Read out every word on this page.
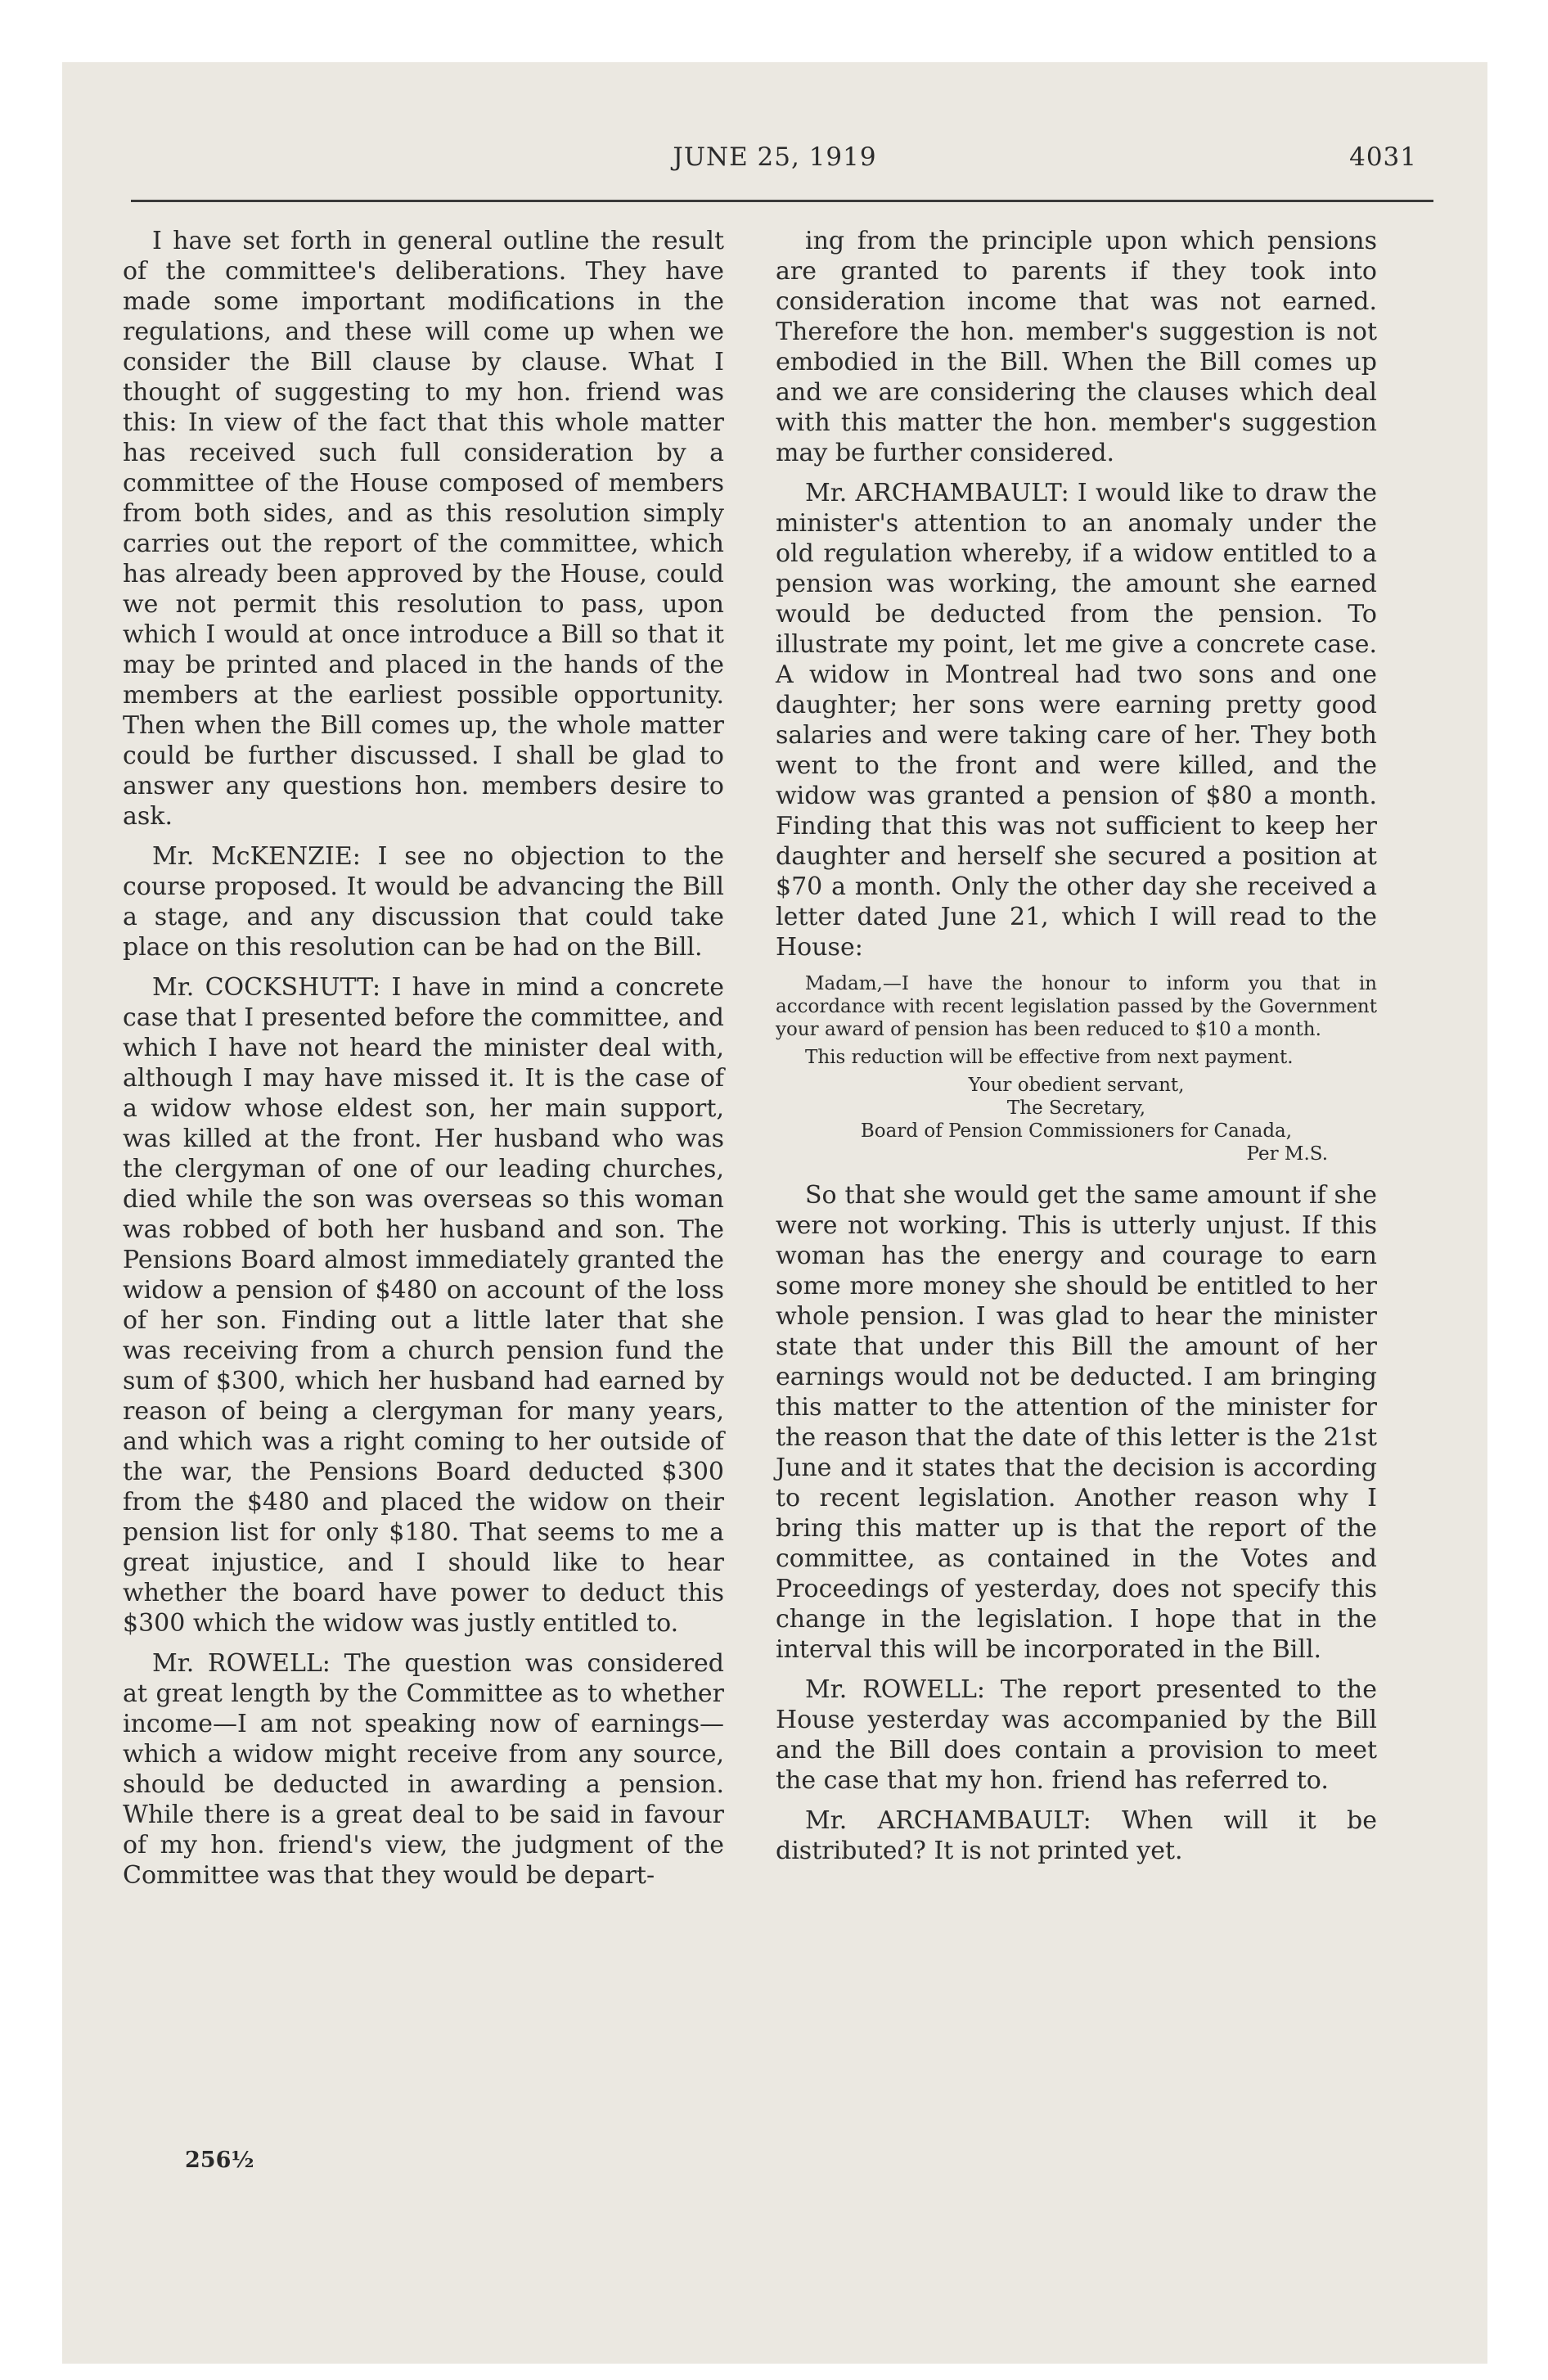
JUNE 25, 1919	4031

I have set forth in general outline the result of the committee's deliberations. They have made some important modifications in the regulations, and these will come up when we consider the Bill clause by clause. What I thought of suggesting to my hon. friend was this: In view of the fact that this whole matter has received such full consideration by a committee of the House composed of members from both sides, and as this resolution simply carries out the report of the committee, which has already been approved by the House, could we not permit this resolution to pass, upon which I would at once introduce a Bill so that it may be printed and placed in the hands of the members at the earliest possible opportunity. Then when the Bill comes up, the whole matter could be further discussed. I shall be glad to answer any questions hon. members desire to ask.

Mr. McKENZIE: I see no objection to the course proposed. It would be advancing the Bill a stage, and any discussion that could take place on this resolution can be had on the Bill.

Mr. COCKSHUTT: I have in mind a concrete case that I presented before the committee, and which I have not heard the minister deal with, although I may have missed it. It is the case of a widow whose eldest son, her main support, was killed at the front. Her husband who was the clergyman of one of our leading churches, died while the son was overseas so this woman was robbed of both her husband and son. The Pensions Board almost immediately granted the widow a pension of $480 on account of the loss of her son. Finding out a little later that she was receiving from a church pension fund the sum of $300, which her husband had earned by reason of being a clergyman for many years, and which was a right coming to her outside of the war, the Pensions Board deducted $300 from the $480 and placed the widow on their pension list for only $180. That seems to me a great injustice, and I should like to hear whether the board have power to deduct this $300 which the widow was justly entitled to.

Mr. ROWELL: The question was considered at great length by the Committee as to whether income—I am not speaking now of earnings—which a widow might receive from any source, should be deducted in awarding a pension. While there is a great deal to be said in favour of my hon. friend's view, the judgment of the Committee was that they would be depart-

ing from the principle upon which pensions are granted to parents if they took into consideration income that was not earned. Therefore the hon. member's suggestion is not embodied in the Bill. When the Bill comes up and we are considering the clauses which deal with this matter the hon. member's suggestion may be further considered.

Mr. ARCHAMBAULT: I would like to draw the minister's attention to an anomaly under the old regulation whereby, if a widow entitled to a pension was working, the amount she earned would be deducted from the pension. To illustrate my point, let me give a concrete case. A widow in Montreal had two sons and one daughter; her sons were earning pretty good salaries and were taking care of her. They both went to the front and were killed, and the widow was granted a pension of $80 a month. Finding that this was not sufficient to keep her daughter and herself she secured a position at $70 a month. Only the other day she received a letter dated June 21, which I will read to the House:

Madam,—I have the honour to inform you that in accordance with recent legislation passed by the Government your award of pension has been reduced to $10 a month.

This reduction will be effective from next payment.

Your obedient servant,

The Secretary,

Board of Pension Commissioners for Canada,

Per M.S.

So that she would get the same amount if she were not working. This is utterly unjust. If this woman has the energy and courage to earn some more money she should be entitled to her whole pension. I was glad to hear the minister state that under this Bill the amount of her earnings would not be deducted. I am bringing this matter to the attention of the minister for the reason that the date of this letter is the 21st June and it states that the decision is according to recent legislation. Another reason why I bring this matter up is that the report of the committee, as contained in the Votes and Proceedings of yesterday, does not specify this change in the legislation. I hope that in the interval this will be incorporated in the Bill.

Mr. ROWELL: The report presented to the House yesterday was accompanied by the Bill and the Bill does contain a provision to meet the case that my hon. friend has referred to.

Mr. ARCHAMBAULT: When will it be distributed? It is not printed yet.

256½
